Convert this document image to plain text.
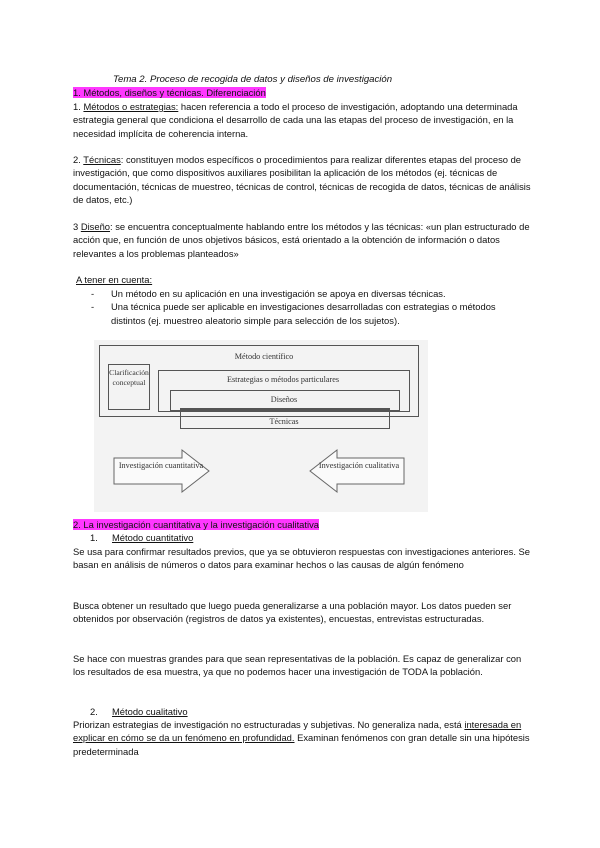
Tema 2. Proceso de recogida de datos y diseños de investigación
1. Métodos, diseños y técnicas. Diferenciación

1. Métodos o estrategias: hacen referencia a todo el proceso de investigación, adoptando una determinada estrategia general que condiciona el desarrollo de cada una las etapas del proceso de investigación, en la necesidad implícita de coherencia interna.

2. Técnicas: constituyen modos específicos o procedimientos para realizar diferentes etapas del proceso de investigación, que como dispositivos auxiliares posibilitan la aplicación de los métodos (ej. técnicas de documentación, técnicas de muestreo, técnicas de control, técnicas de recogida de datos, técnicas de análisis de datos, etc.)

3 Diseño: se encuentra conceptualmente hablando entre los métodos y las técnicas: «un plan estructurado de acción que, en función de unos objetivos básicos, está orientado a la obtención de información o datos relevantes a los problemas planteados»

A tener en cuenta:
- Un método en su aplicación en una investigación se apoya en diversas técnicas.
- Una técnica puede ser aplicable en investigaciones desarrolladas con estrategias o métodos distintos (ej. muestreo aleatorio simple para selección de los sujetos).
Método científico
Clarificación conceptual	Estrategias o métodos particulares
Diseños
Técnicas
Investigación cuantitativa	Investigación cualitativa
2. La investigación cuantitativa y la investigación cualitativa
1. Método cuantitativo

Se usa para confirmar resultados previos, que ya se obtuvieron respuestas con investigaciones anteriores. Se basan en análisis de números o datos para examinar hechos o las causas de algún fenómeno

Busca obtener un resultado que luego pueda generalizarse a una población mayor. Los datos pueden ser obtenidos por observación (registros de datos ya existentes), encuestas, entrevistas estructuradas.

Se hace con muestras grandes para que sean representativas de la población. Es capaz de generalizar con los resultados de esa muestra, ya que no podemos hacer una investigación de TODA la población.

2. Método cualitativo

Priorizan estrategias de investigación no estructuradas y subjetivas. No generaliza nada, está interesada en explicar en cómo se da un fenómeno en profundidad. Examinan fenómenos con gran detalle sin una hipótesis predeterminada
